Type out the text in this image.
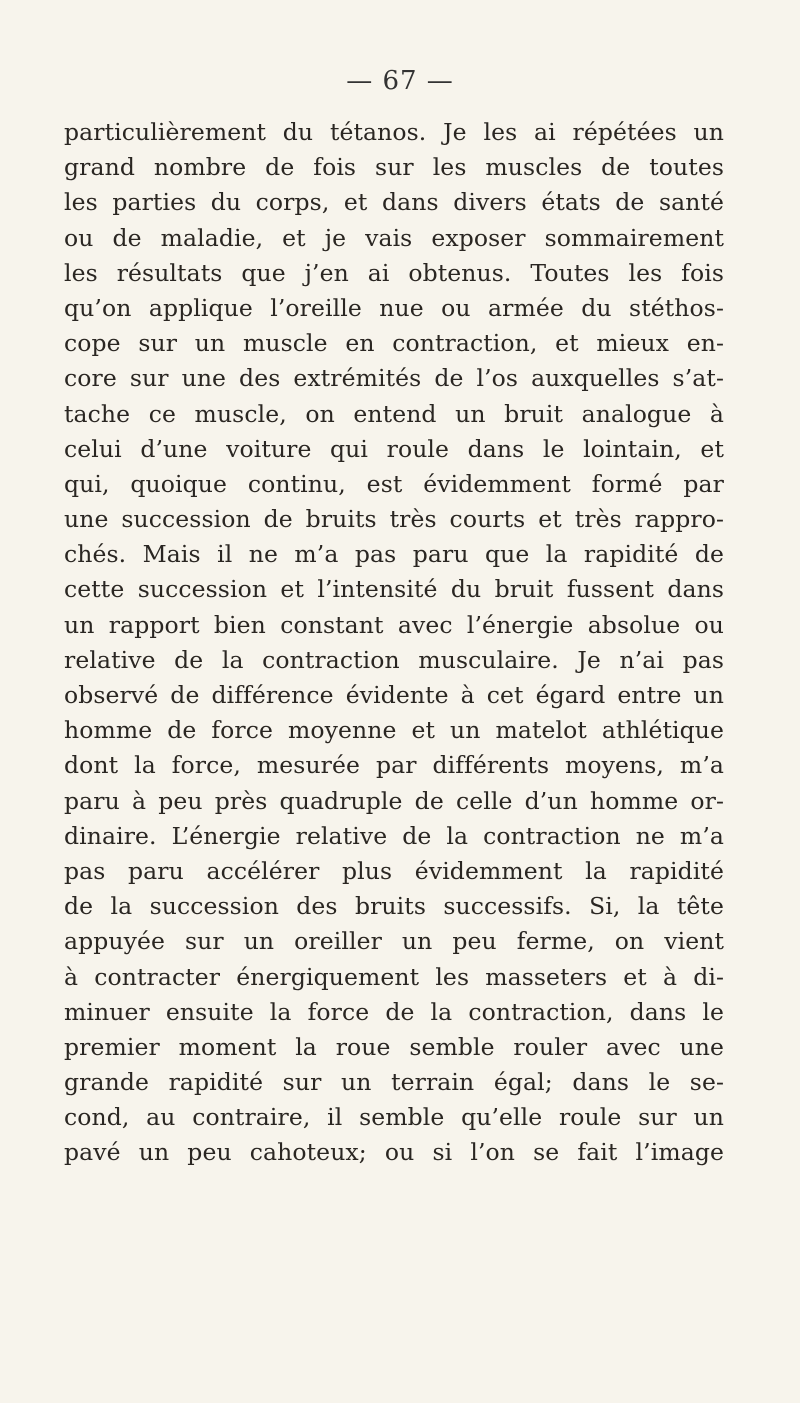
— 67 —
particulièrement du tétanos. Je les ai répétées un
grand nombre de fois sur les muscles de toutes
les parties du corps, et dans divers états de santé
ou de maladie, et je vais exposer sommairement
les résultats que j’en ai obtenus. Toutes les fois
qu’on applique l’oreille nue ou armée du stéthos-
cope sur un muscle en contraction, et mieux en-
core sur une des extrémités de l’os auxquelles s’at-
tache ce muscle, on entend un bruit analogue à
celui d’une voiture qui roule dans le lointain, et
qui, quoique continu, est évidemment formé par
une succession de bruits très courts et très rappro-
chés. Mais il ne m’a pas paru que la rapidité de
cette succession et l’intensité du bruit fussent dans
un rapport bien constant avec l’énergie absolue ou
relative de la contraction musculaire. Je n’ai pas
observé de différence évidente à cet égard entre un
homme de force moyenne et un matelot athlétique
dont la force, mesurée par différents moyens, m’a
paru à peu près quadruple de celle d’un homme or-
dinaire. L’énergie relative de la contraction ne m’a
pas paru accélérer plus évidemment la rapidité
de la succession des bruits successifs. Si, la tête
appuyée sur un oreiller un peu ferme, on vient
à contracter énergiquement les masseters et à di-
minuer ensuite la force de la contraction, dans le
premier moment la roue semble rouler avec une
grande rapidité sur un terrain égal; dans le se-
cond, au contraire, il semble qu’elle roule sur un
pavé un peu cahoteux; ou si l’on se fait l’image
